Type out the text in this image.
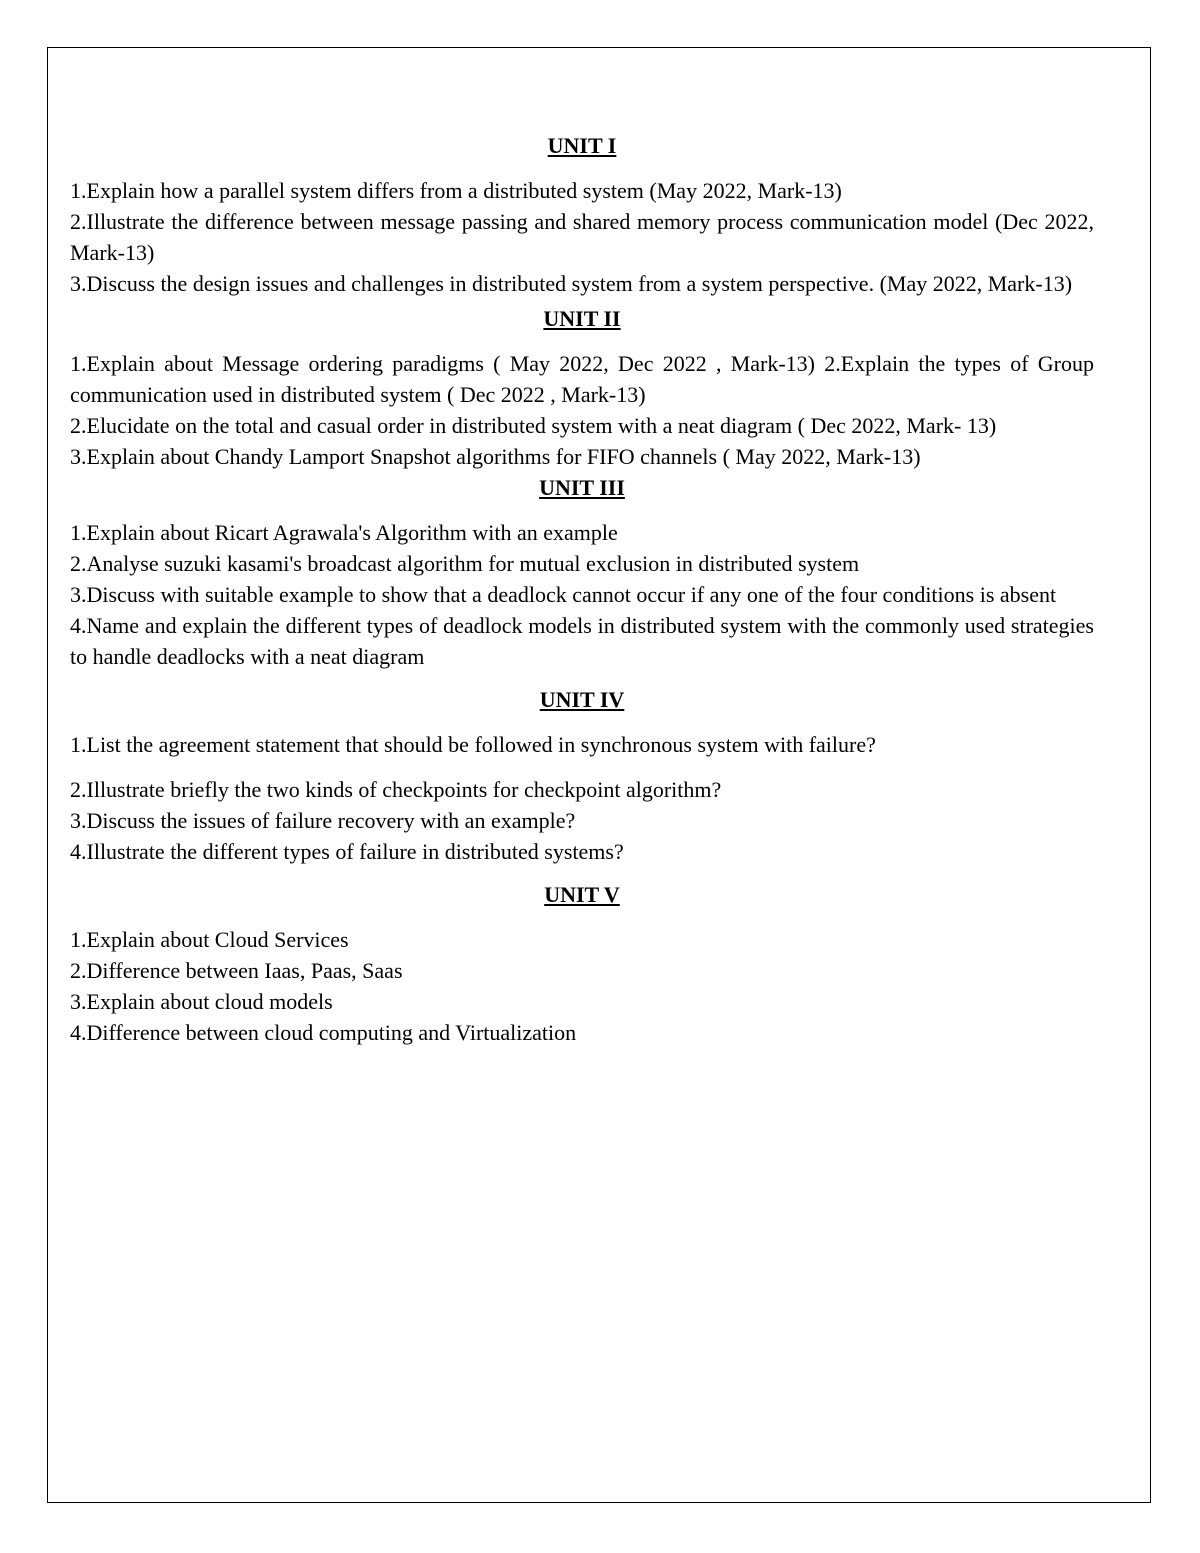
UNIT I

1.Explain how a parallel system differs from a distributed system (May 2022, Mark-13)

2.Illustrate the difference between message passing and shared memory process communication model (Dec 2022, Mark-13)

3.Discuss the design issues and challenges in distributed system from a system perspective. (May 2022, Mark-13)

UNIT II

1.Explain about Message ordering paradigms ( May 2022, Dec 2022 , Mark-13) 2.Explain the types of Group communication used in distributed system ( Dec 2022 , Mark-13)

2.Elucidate on the total and casual order in distributed system with a neat diagram ( Dec 2022, Mark- 13)

3.Explain about Chandy Lamport Snapshot algorithms for FIFO channels ( May 2022, Mark-13)

UNIT III

1.Explain about Ricart Agrawala's Algorithm with an example

2.Analyse suzuki kasami's broadcast algorithm for mutual exclusion in distributed system

3.Discuss with suitable example to show that a deadlock cannot occur if any one of the four conditions is absent

4.Name and explain the different types of deadlock models in distributed system with the commonly used strategies to handle deadlocks with a neat diagram

UNIT IV

1.List the agreement statement that should be followed in synchronous system with failure?

2.Illustrate briefly the two kinds of checkpoints for checkpoint algorithm?

3.Discuss the issues of failure recovery with an example?

4.Illustrate the different types of failure in distributed systems?

UNIT V

1.Explain about Cloud Services

2.Difference between Iaas, Paas, Saas

3.Explain about cloud models

4.Difference between cloud computing and Virtualization
